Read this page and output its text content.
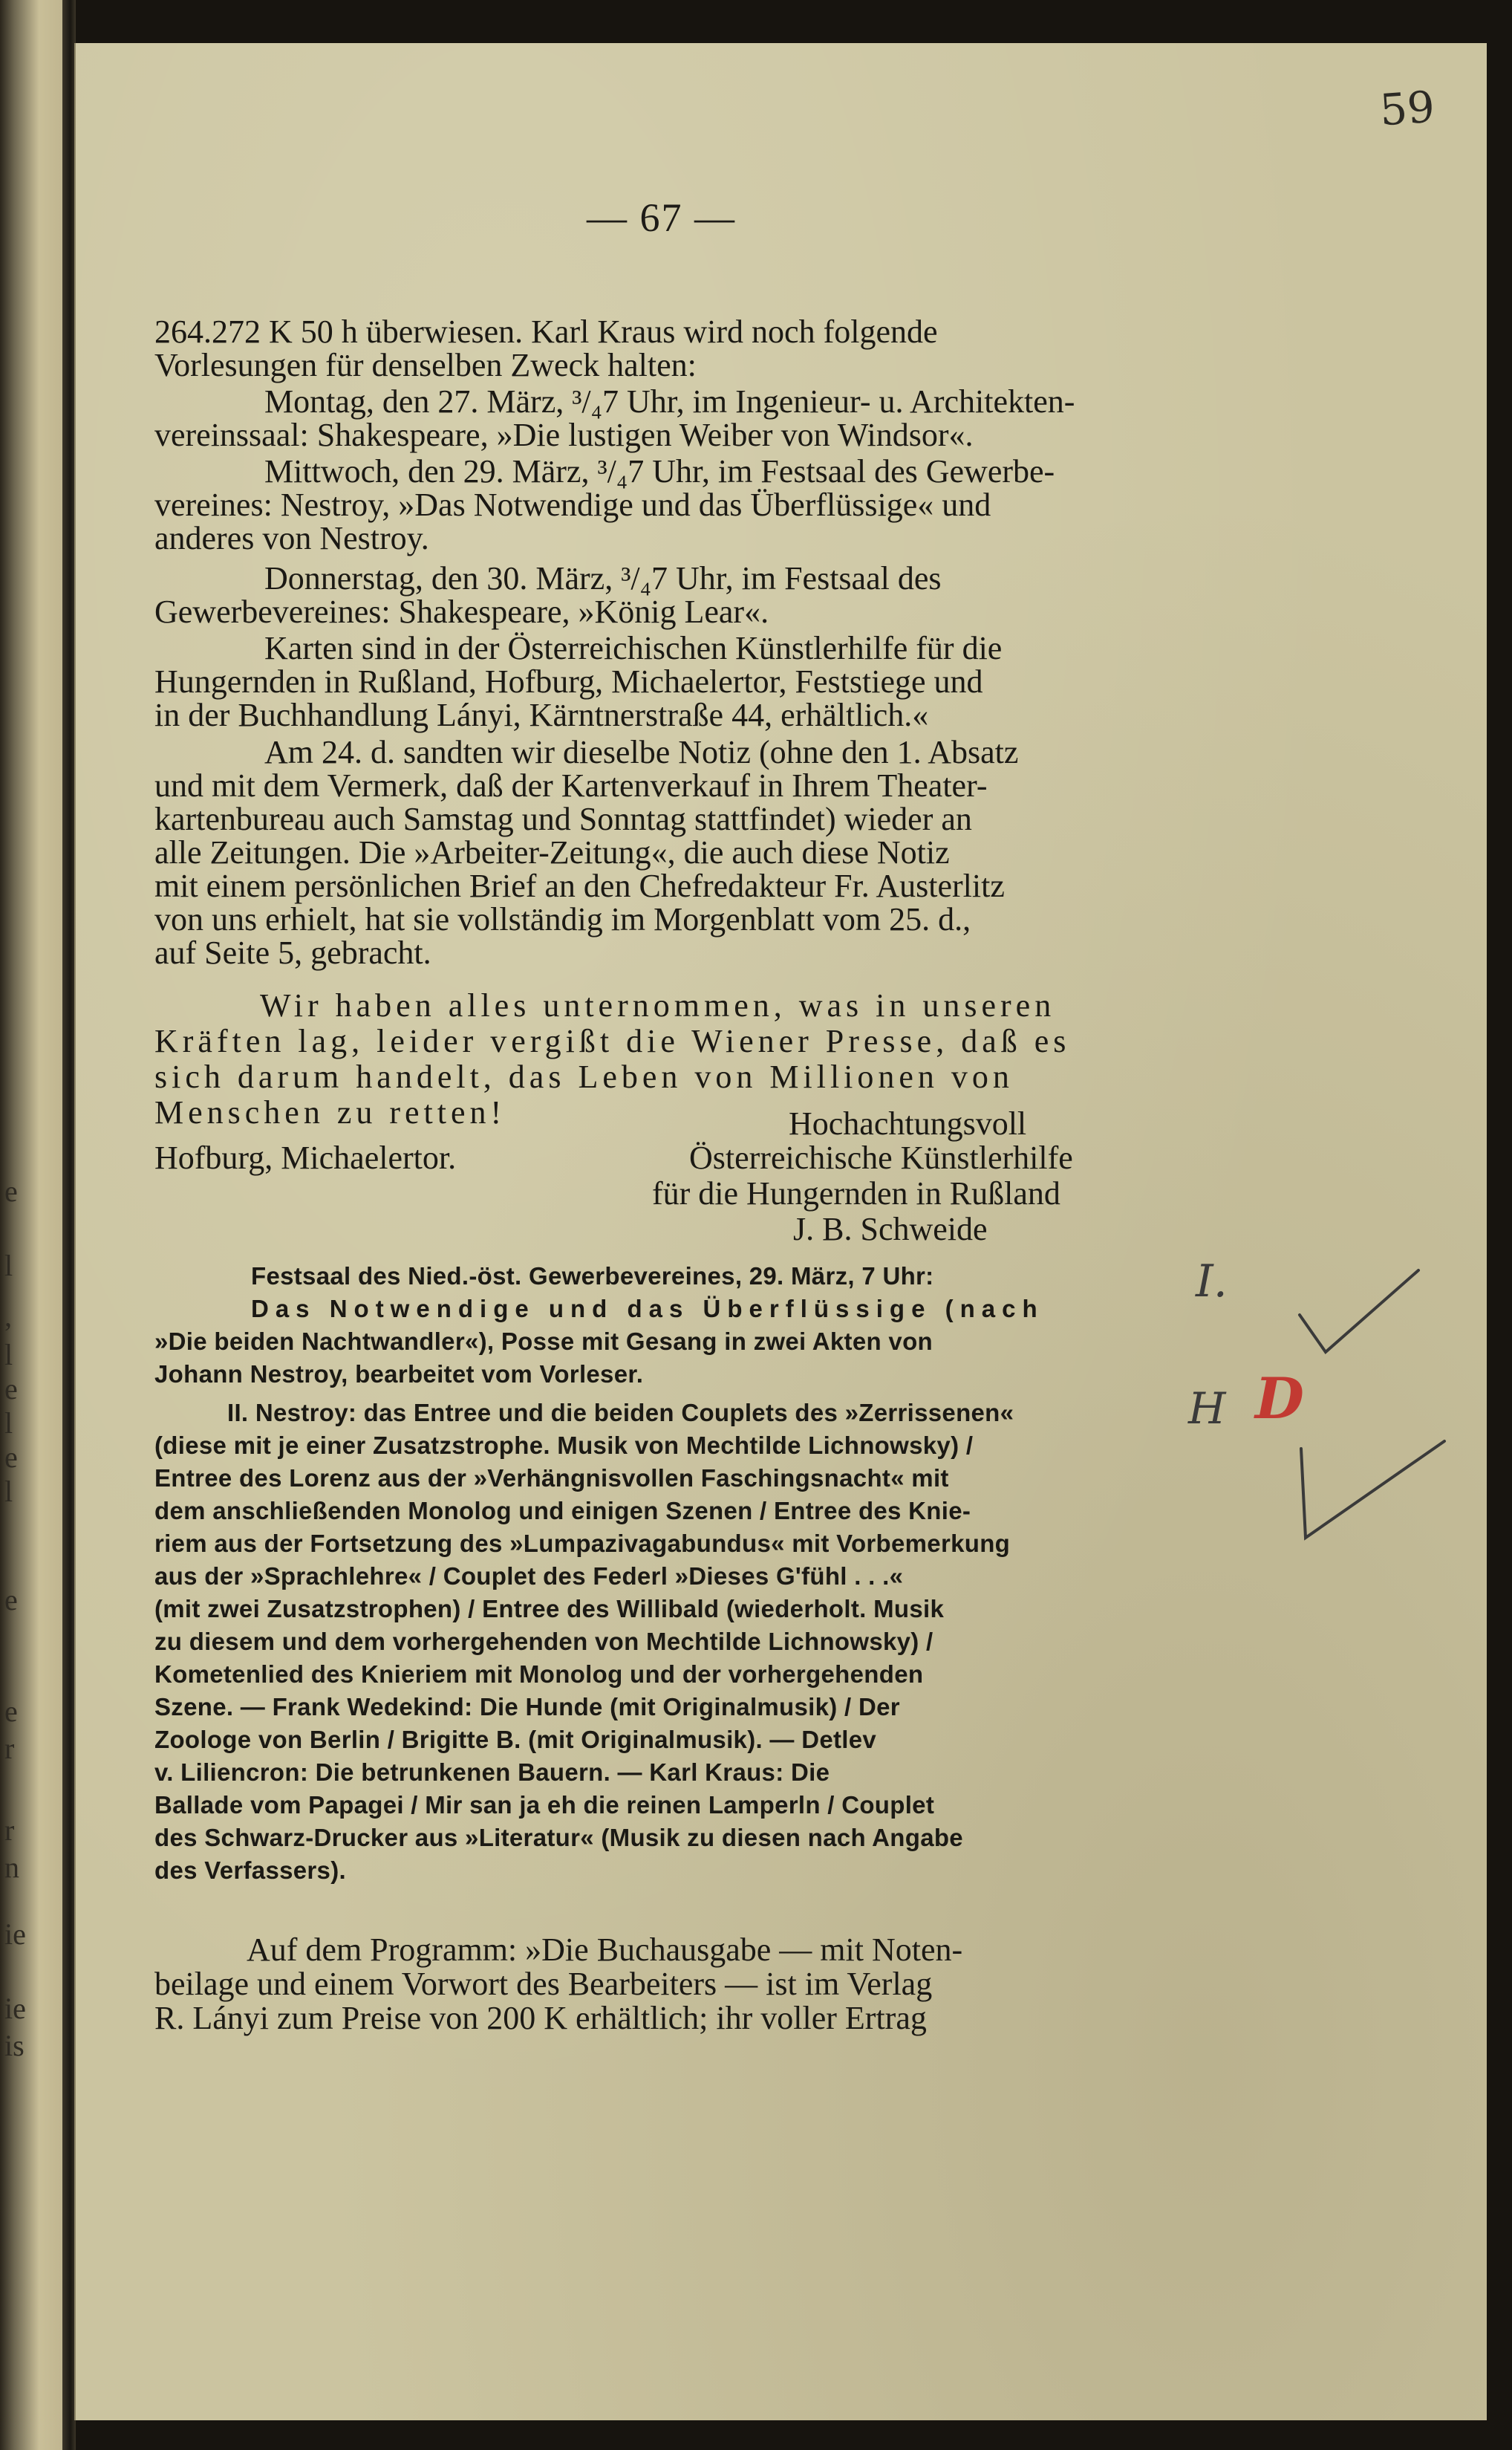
e
l
,
l
e
l
e
l
e
e
r
r
n
ie
ie
is
59
— 67 —
264.272 K 50 h überwiesen. Karl Kraus wird noch folgende
Vorlesungen für denselben Zweck halten:
Montag, den 27. März, ³/₄7 Uhr, im Ingenieur- u. Architekten-
vereinssaal: Shakespeare, »Die lustigen Weiber von Windsor«.
Mittwoch, den 29. März, ³/₄7 Uhr, im Festsaal des Gewerbe-
vereines: Nestroy, »Das Notwendige und das Überflüssige« und
anderes von Nestroy.
Donnerstag, den 30. März, ³/₄7 Uhr, im Festsaal des
Gewerbevereines: Shakespeare, »König Lear«.
Karten sind in der Österreichischen Künstlerhilfe für die
Hungernden in Rußland, Hofburg, Michaelertor, Feststiege und
in der Buchhandlung Lányi, Kärntnerstraße 44, erhältlich.«
Am 24. d. sandten wir dieselbe Notiz (ohne den 1. Absatz
und mit dem Vermerk, daß der Kartenverkauf in Ihrem Theater-
kartenbureau auch Samstag und Sonntag stattfindet) wieder an
alle Zeitungen. Die »Arbeiter-Zeitung«, die auch diese Notiz
mit einem persönlichen Brief an den Chefredakteur Fr. Austerlitz
von uns erhielt, hat sie vollständig im Morgenblatt vom 25. d.,
auf Seite 5, gebracht.
Wir haben alles unternommen, was in unseren
Kräften lag, leider vergißt die Wiener Presse, daß es
sich darum handelt, das Leben von Millionen von
Menschen zu retten!	Hochachtungsvoll
Hofburg, Michaelertor.	Österreichische Künstlerhilfe
für die Hungernden in Rußland
J. B. Schweide
Festsaal des Nied.-öst. Gewerbevereines, 29. März, 7 Uhr:
Das Notwendige und das Überflüssige (nach
»Die beiden Nachtwandler«), Posse mit Gesang in zwei Akten von
Johann Nestroy, bearbeitet vom Vorleser.
II. Nestroy: das Entree und die beiden Couplets des »Zerrissenen«
(diese mit je einer Zusatzstrophe. Musik von Mechtilde Lichnowsky) /
Entree des Lorenz aus der »Verhängnisvollen Faschingsnacht« mit
dem anschließenden Monolog und einigen Szenen / Entree des Knie-
riem aus der Fortsetzung des »Lumpazivagabundus« mit Vorbemerkung
aus der »Sprachlehre« / Couplet des Federl »Dieses G'fühl . . .«
(mit zwei Zusatzstrophen) / Entree des Willibald (wiederholt. Musik
zu diesem und dem vorhergehenden von Mechtilde Lichnowsky) /
Kometenlied des Knieriem mit Monolog und der vorhergehenden
Szene. — Frank Wedekind: Die Hunde (mit Originalmusik) / Der
Zoologe von Berlin / Brigitte B. (mit Originalmusik). — Detlev
v. Liliencron: Die betrunkenen Bauern. — Karl Kraus: Die
Ballade vom Papagei / Mir san ja eh die reinen Lamperln / Couplet
des Schwarz-Drucker aus »Literatur« (Musik zu diesen nach Angabe
des Verfassers).
Auf dem Programm: »Die Buchausgabe — mit Noten-
beilage und einem Vorwort des Bearbeiters — ist im Verlag
R. Lányi zum Preise von 200 K erhältlich; ihr voller Ertrag
I.
H D
